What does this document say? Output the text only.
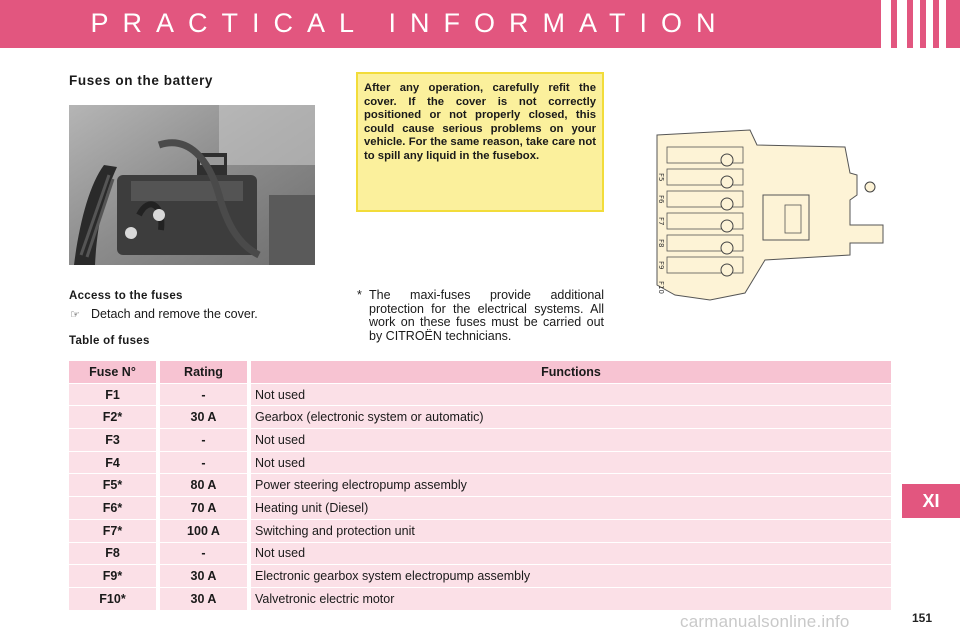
PRACTICAL INFORMATION
Fuses on the battery	After any operation, carefully refit the cover. If the cover is not correctly positioned or not properly closed, this could cause serious problems on your vehicle. For the same reason, take care not to spill any liquid in the fusebox.
F5
F6
F7
F8
F9
F10
Access to the fuses
☞ Detach and remove the cover.
* The maxi-fuses provide additional protection for the electrical systems. All work on these fuses must be carried out by CITROËN technicians.
Table of fuses
Fuse N°	Rating	Functions
F1	-	Not used
F2*	30 A	Gearbox (electronic system or automatic)
F3	-	Not used
F4	-	Not used
F5*	80 A	Power steering electropump assembly
F6*	70 A	Heating unit (Diesel)
F7*	100 A	Switching and protection unit
F8	-	Not used
F9*	30 A	Electronic gearbox system electropump assembly
F10*	30 A	Valvetronic electric motor
XI
carmanualsonline.info	151
